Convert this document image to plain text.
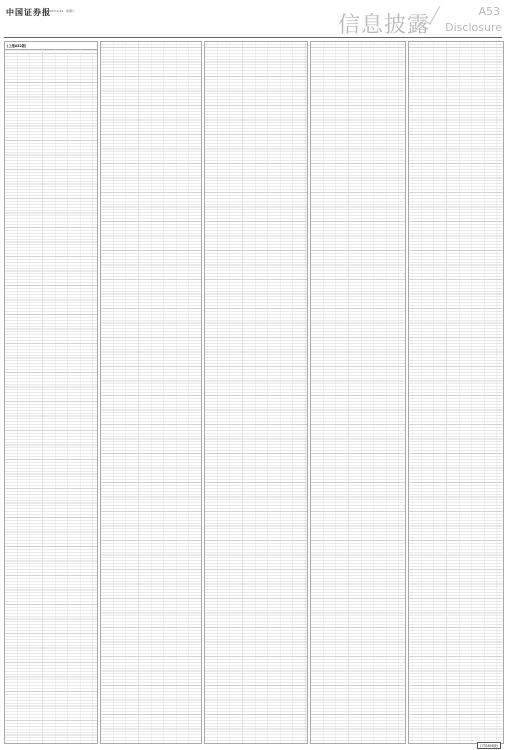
中国证券报
2023.4.29 星期六
信息披露
A53
Disclosure
(上接A52版)
(下转A54版)
